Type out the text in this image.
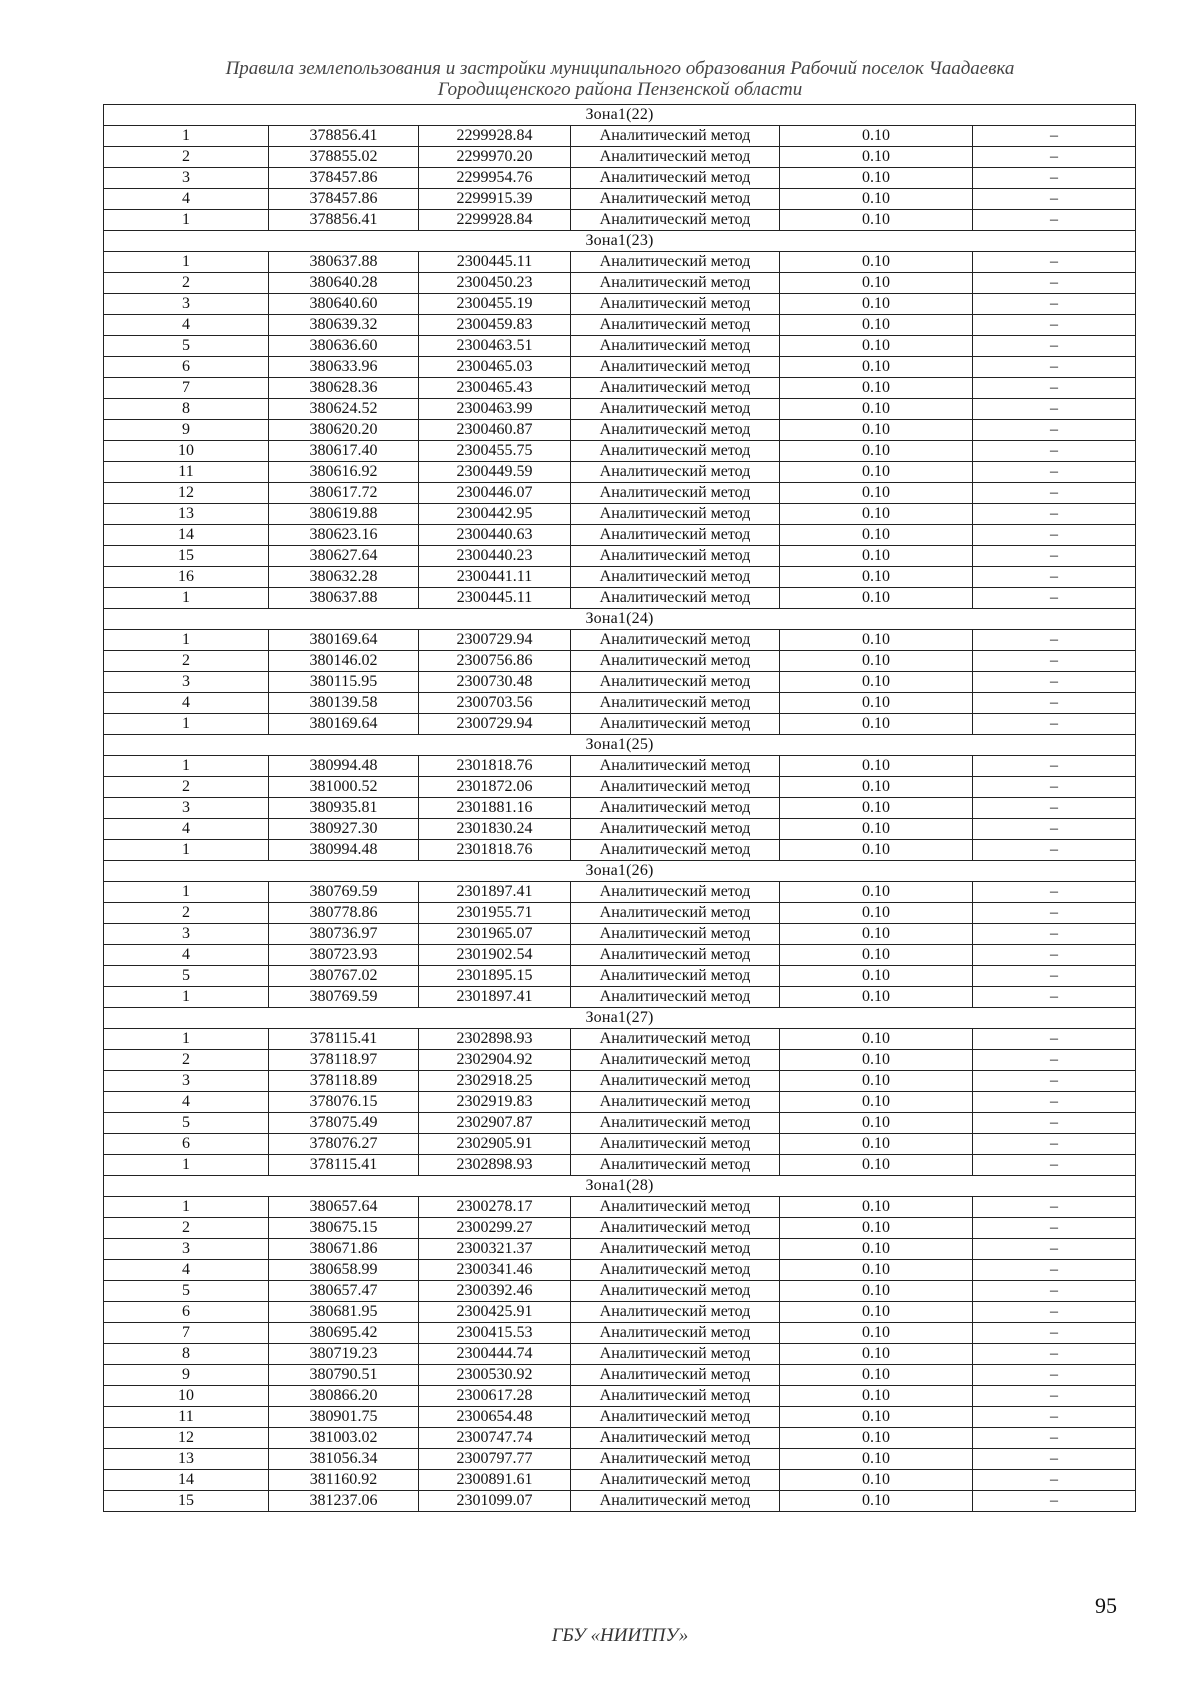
Правила землепользования и застройки муниципального образования Рабочий поселок Чаадаевка
Городищенского района Пензенской области
Зона1(22)					
1	378856.41	2299928.84	Аналитический метод	0.10	–
2	378855.02	2299970.20	Аналитический метод	0.10	–
3	378457.86	2299954.76	Аналитический метод	0.10	–
4	378457.86	2299915.39	Аналитический метод	0.10	–
1	378856.41	2299928.84	Аналитический метод	0.10	–
Зона1(23)					
1	380637.88	2300445.11	Аналитический метод	0.10	–
2	380640.28	2300450.23	Аналитический метод	0.10	–
3	380640.60	2300455.19	Аналитический метод	0.10	–
4	380639.32	2300459.83	Аналитический метод	0.10	–
5	380636.60	2300463.51	Аналитический метод	0.10	–
6	380633.96	2300465.03	Аналитический метод	0.10	–
7	380628.36	2300465.43	Аналитический метод	0.10	–
8	380624.52	2300463.99	Аналитический метод	0.10	–
9	380620.20	2300460.87	Аналитический метод	0.10	–
10	380617.40	2300455.75	Аналитический метод	0.10	–
11	380616.92	2300449.59	Аналитический метод	0.10	–
12	380617.72	2300446.07	Аналитический метод	0.10	–
13	380619.88	2300442.95	Аналитический метод	0.10	–
14	380623.16	2300440.63	Аналитический метод	0.10	–
15	380627.64	2300440.23	Аналитический метод	0.10	–
16	380632.28	2300441.11	Аналитический метод	0.10	–
1	380637.88	2300445.11	Аналитический метод	0.10	–
Зона1(24)					
1	380169.64	2300729.94	Аналитический метод	0.10	–
2	380146.02	2300756.86	Аналитический метод	0.10	–
3	380115.95	2300730.48	Аналитический метод	0.10	–
4	380139.58	2300703.56	Аналитический метод	0.10	–
1	380169.64	2300729.94	Аналитический метод	0.10	–
Зона1(25)					
1	380994.48	2301818.76	Аналитический метод	0.10	–
2	381000.52	2301872.06	Аналитический метод	0.10	–
3	380935.81	2301881.16	Аналитический метод	0.10	–
4	380927.30	2301830.24	Аналитический метод	0.10	–
1	380994.48	2301818.76	Аналитический метод	0.10	–
Зона1(26)					
1	380769.59	2301897.41	Аналитический метод	0.10	–
2	380778.86	2301955.71	Аналитический метод	0.10	–
3	380736.97	2301965.07	Аналитический метод	0.10	–
4	380723.93	2301902.54	Аналитический метод	0.10	–
5	380767.02	2301895.15	Аналитический метод	0.10	–
1	380769.59	2301897.41	Аналитический метод	0.10	–
Зона1(27)					
1	378115.41	2302898.93	Аналитический метод	0.10	–
2	378118.97	2302904.92	Аналитический метод	0.10	–
3	378118.89	2302918.25	Аналитический метод	0.10	–
4	378076.15	2302919.83	Аналитический метод	0.10	–
5	378075.49	2302907.87	Аналитический метод	0.10	–
6	378076.27	2302905.91	Аналитический метод	0.10	–
1	378115.41	2302898.93	Аналитический метод	0.10	–
Зона1(28)					
1	380657.64	2300278.17	Аналитический метод	0.10	–
2	380675.15	2300299.27	Аналитический метод	0.10	–
3	380671.86	2300321.37	Аналитический метод	0.10	–
4	380658.99	2300341.46	Аналитический метод	0.10	–
5	380657.47	2300392.46	Аналитический метод	0.10	–
6	380681.95	2300425.91	Аналитический метод	0.10	–
7	380695.42	2300415.53	Аналитический метод	0.10	–
8	380719.23	2300444.74	Аналитический метод	0.10	–
9	380790.51	2300530.92	Аналитический метод	0.10	–
10	380866.20	2300617.28	Аналитический метод	0.10	–
11	380901.75	2300654.48	Аналитический метод	0.10	–
12	381003.02	2300747.74	Аналитический метод	0.10	–
13	381056.34	2300797.77	Аналитический метод	0.10	–
14	381160.92	2300891.61	Аналитический метод	0.10	–
15	381237.06	2301099.07	Аналитический метод	0.10	–
95
ГБУ «НИИТПУ»
